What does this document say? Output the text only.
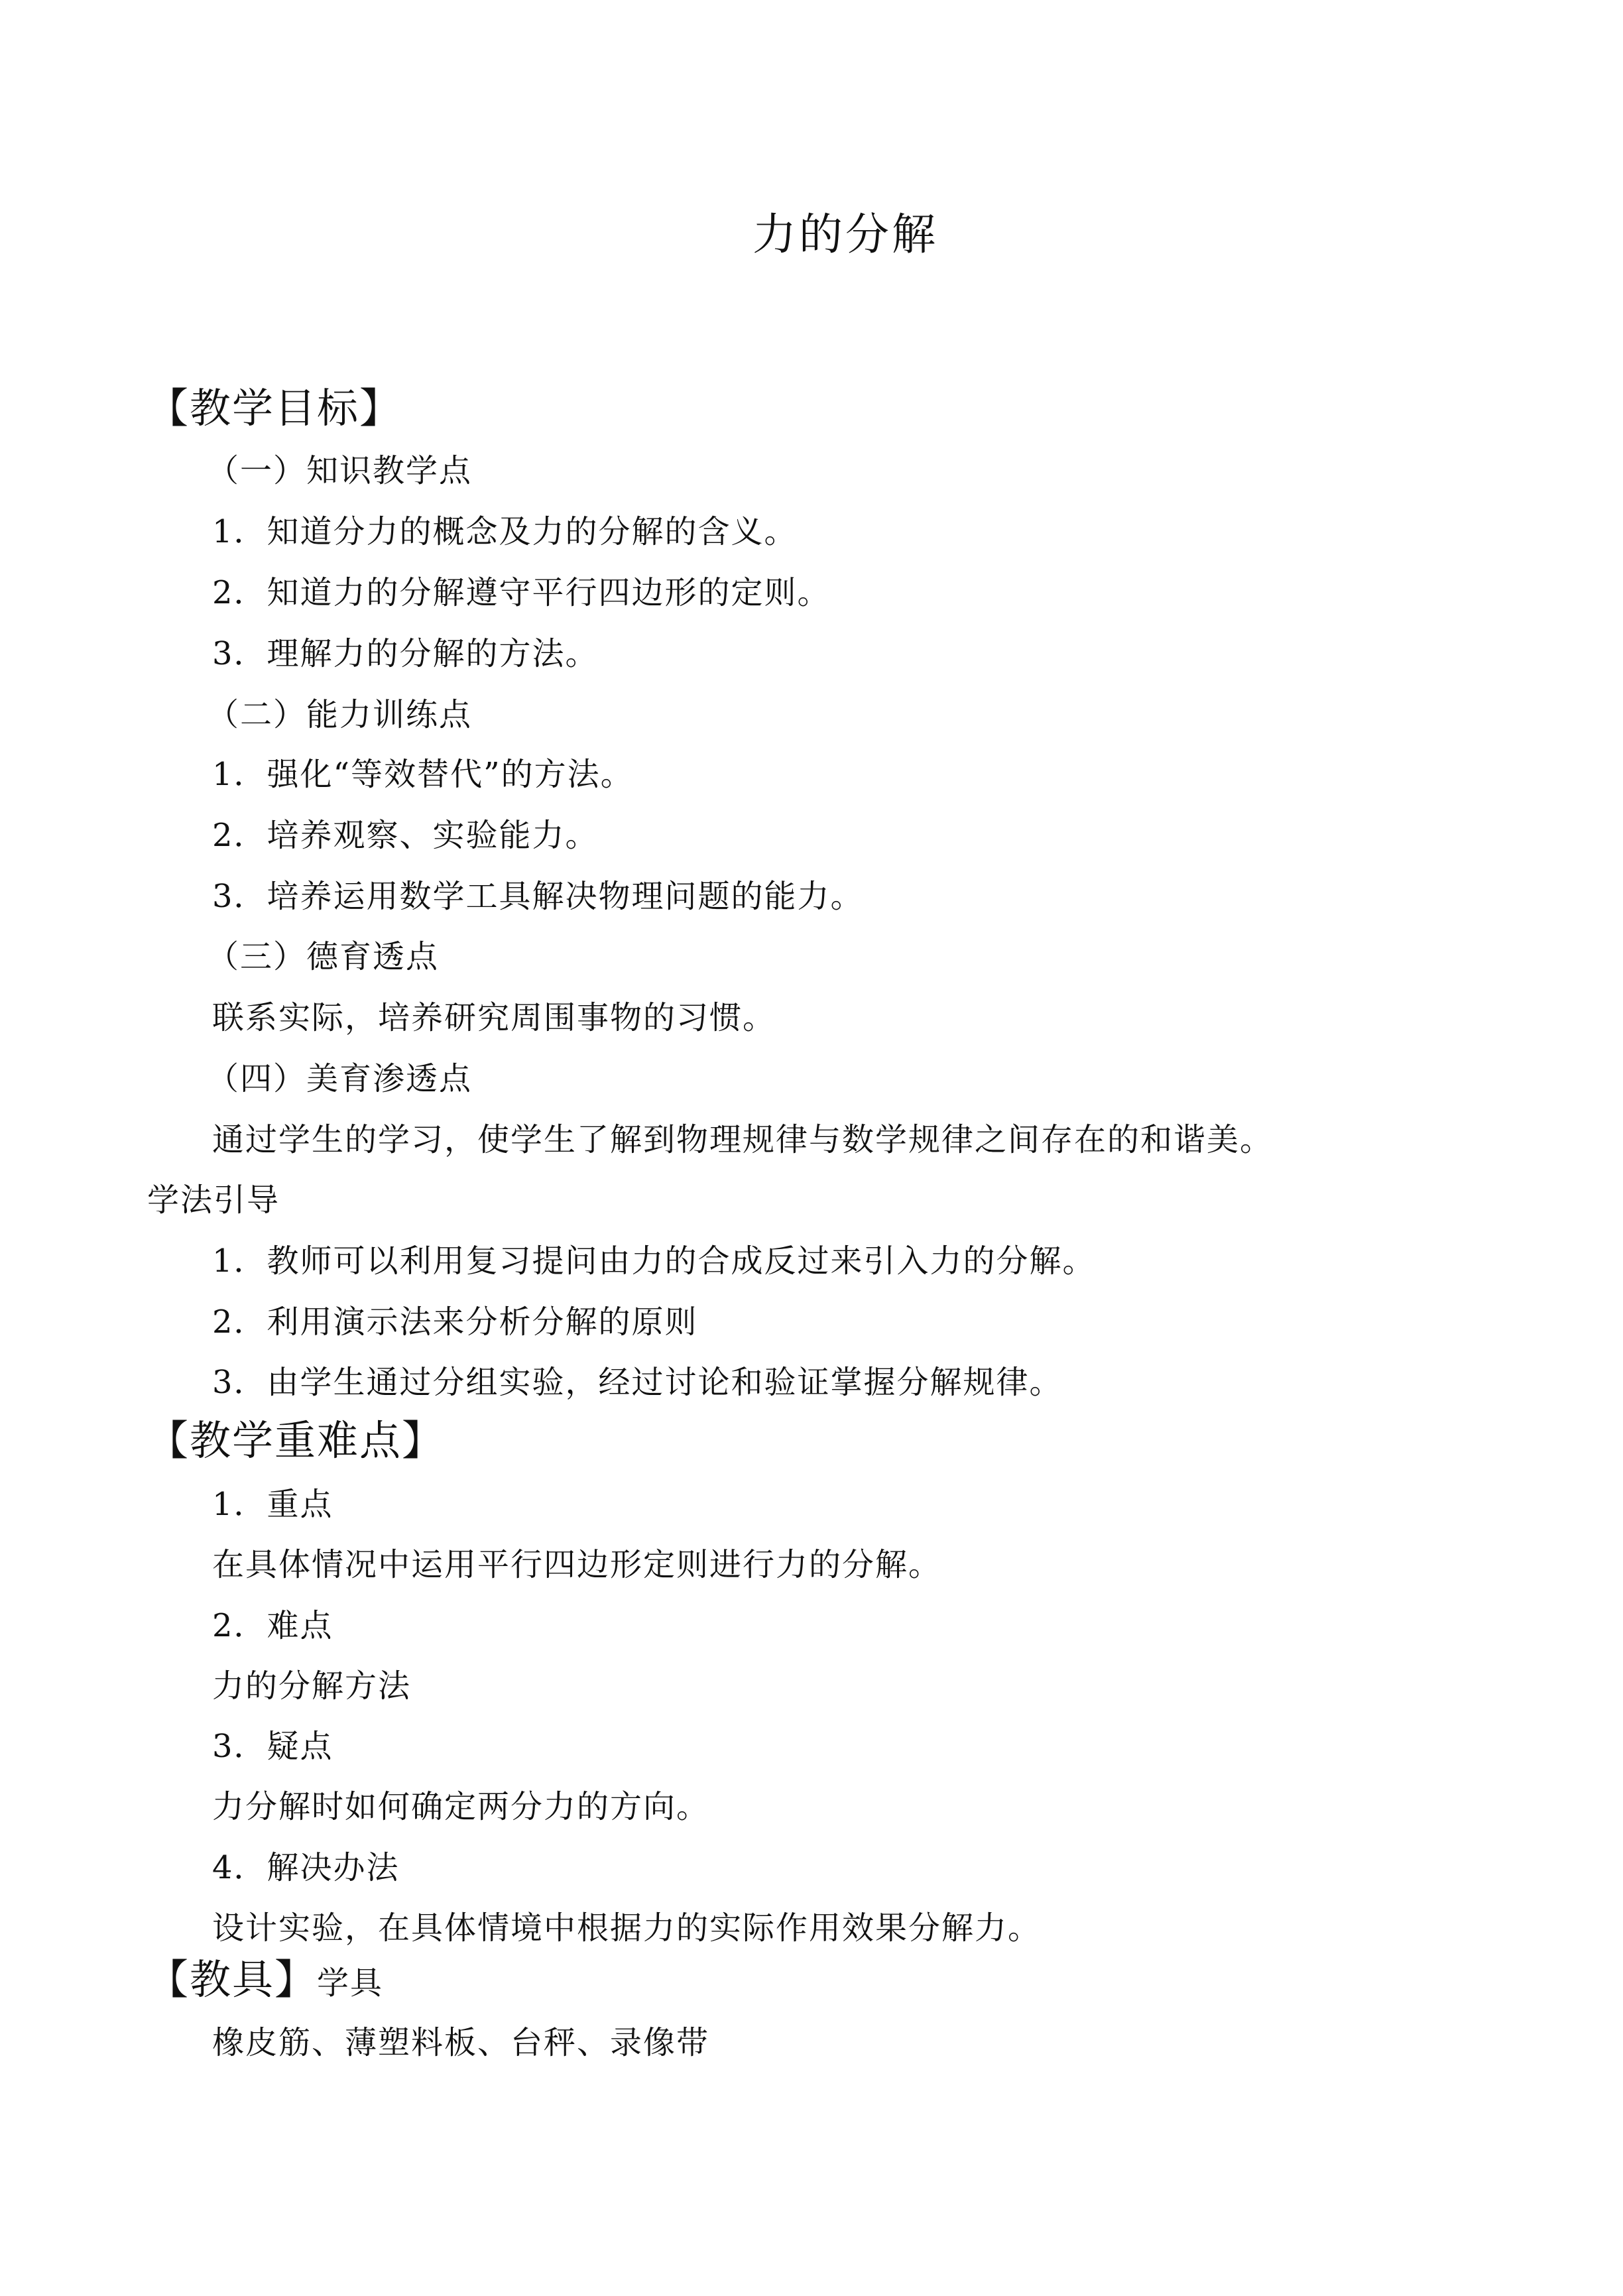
力的分解
【教学目标】
（一）知识教学点
1．知道分力的概念及力的分解的含义。
2．知道力的分解遵守平行四边形的定则。
3．理解力的分解的方法。
（二）能力训练点
1．强化“等效替代”的方法。
2．培养观察、实验能力。
3．培养运用数学工具解决物理问题的能力。
（三）德育透点
联系实际，培养研究周围事物的习惯。
（四）美育渗透点
通过学生的学习，使学生了解到物理规律与数学规律之间存在的和谐美。
学法引导
1．教师可以利用复习提问由力的合成反过来引入力的分解。
2．利用演示法来分析分解的原则
3．由学生通过分组实验，经过讨论和验证掌握分解规律。
【教学重难点】
1．重点
在具体情况中运用平行四边形定则进行力的分解。
2．难点
力的分解方法
3．疑点
力分解时如何确定两分力的方向。
4．解决办法
设计实验，在具体情境中根据力的实际作用效果分解力。
【教具】学具
橡皮筋、薄塑料板、台秤、录像带
